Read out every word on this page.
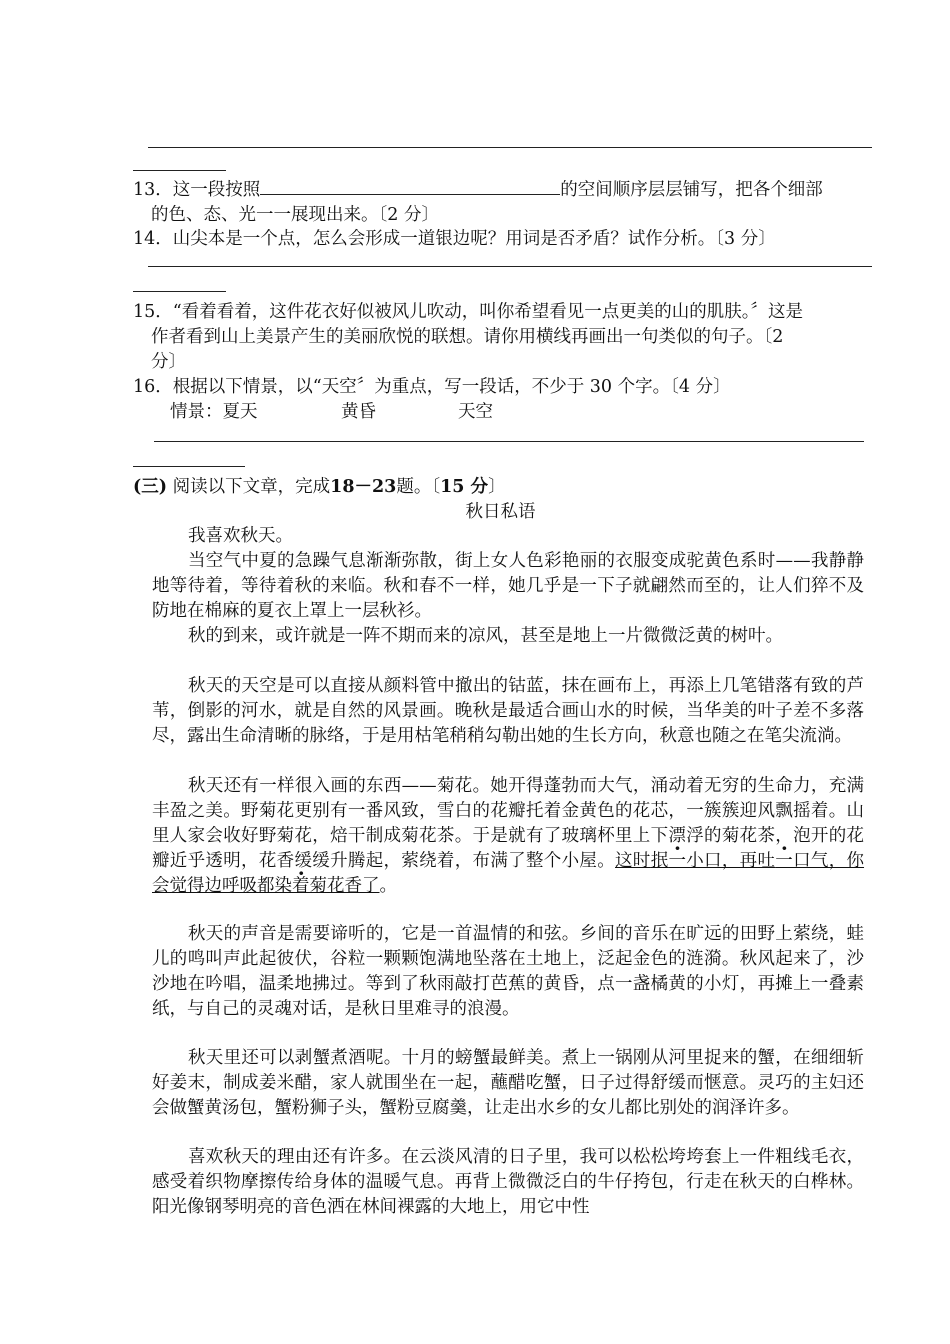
13．这一段按照	的空间顺序层层铺写，把各个细部
的色、态、光一一展现出来。〔2 分〕
14．山尖本是一个点，怎么会形成一道银边呢？用词是否矛盾？试作分析。〔3 分〕
15．“看着看着，这件花衣好似被风儿吹动，叫你希望看见一点更美的山的肌肤。〞这是
作者看到山上美景产生的美丽欣悦的联想。请你用横线再画出一句类似的句子。〔2
分〕
16．根据以下情景，以“天空〞为重点，写一段话，不少于 30 个字。〔4 分〕
情景：夏天	黄昏	天空
(三) 阅读以下文章，完成18－23题。〔15 分〕
秋日私语
我喜欢秋天。
当空气中夏的急躁气息渐渐弥散，街上女人色彩艳丽的衣服变成驼黄色系时——我静静地等待着，等待着秋的来临。秋和春不一样，她几乎是一下子就翩然而至的，让人们猝不及防地在棉麻的夏衣上罩上一层秋衫。
秋的到来，或许就是一阵不期而来的凉风，甚至是地上一片微微泛黄的树叶。
秋天的天空是可以直接从颜料管中撤出的钴蓝，抹在画布上，再添上几笔错落有致的芦苇，倒影的河水，就是自然的风景画。晚秋是最适合画山水的时候，当华美的叶子差不多落尽，露出生命清晰的脉络，于是用枯笔稍稍勾勒出她的生长方向，秋意也随之在笔尖流淌。
秋天还有一样很入画的东西——菊花。她开得蓬勃而大气，涌动着无穷的生命力，充满丰盈之美。野菊花更别有一番风致，雪白的花瓣托着金黄色的花芯，一簇簇迎风飘摇着。山里人家会收好野菊花，焙干制成菊花茶。于是就有了玻璃杯里上下漂浮的菊花茶，泡开的花瓣近乎透明，花香缓缓升腾起，萦绕着，布满了整个小屋。这时抿一小口，再吐一口气，你会觉得边呼吸都染着菊花香了。
秋天的声音是需要谛听的，它是一首温情的和弦。乡间的音乐在旷远的田野上萦绕，蛙儿的鸣叫声此起彼伏，谷粒一颗颗饱满地坠落在土地上，泛起金色的涟漪。秋风起来了，沙沙地在吟唱，温柔地拂过。等到了秋雨敲打芭蕉的黄昏，点一盏橘黄的小灯，再摊上一叠素纸，与自己的灵魂对话，是秋日里难寻的浪漫。
秋天里还可以剥蟹煮酒呢。十月的螃蟹最鲜美。煮上一锅刚从河里捉来的蟹，在细细斩好姜末，制成姜米醋，家人就围坐在一起，蘸醋吃蟹，日子过得舒缓而惬意。灵巧的主妇还会做蟹黄汤包，蟹粉狮子头，蟹粉豆腐羹，让走出水乡的女儿都比别处的润泽许多。
喜欢秋天的理由还有许多。在云淡风清的日子里，我可以松松垮垮套上一件粗线毛衣，感受着织物摩擦传给身体的温暖气息。再背上微微泛白的牛仔挎包，行走在秋天的白桦林。阳光像钢琴明亮的音色洒在林间裸露的大地上，用它中性
